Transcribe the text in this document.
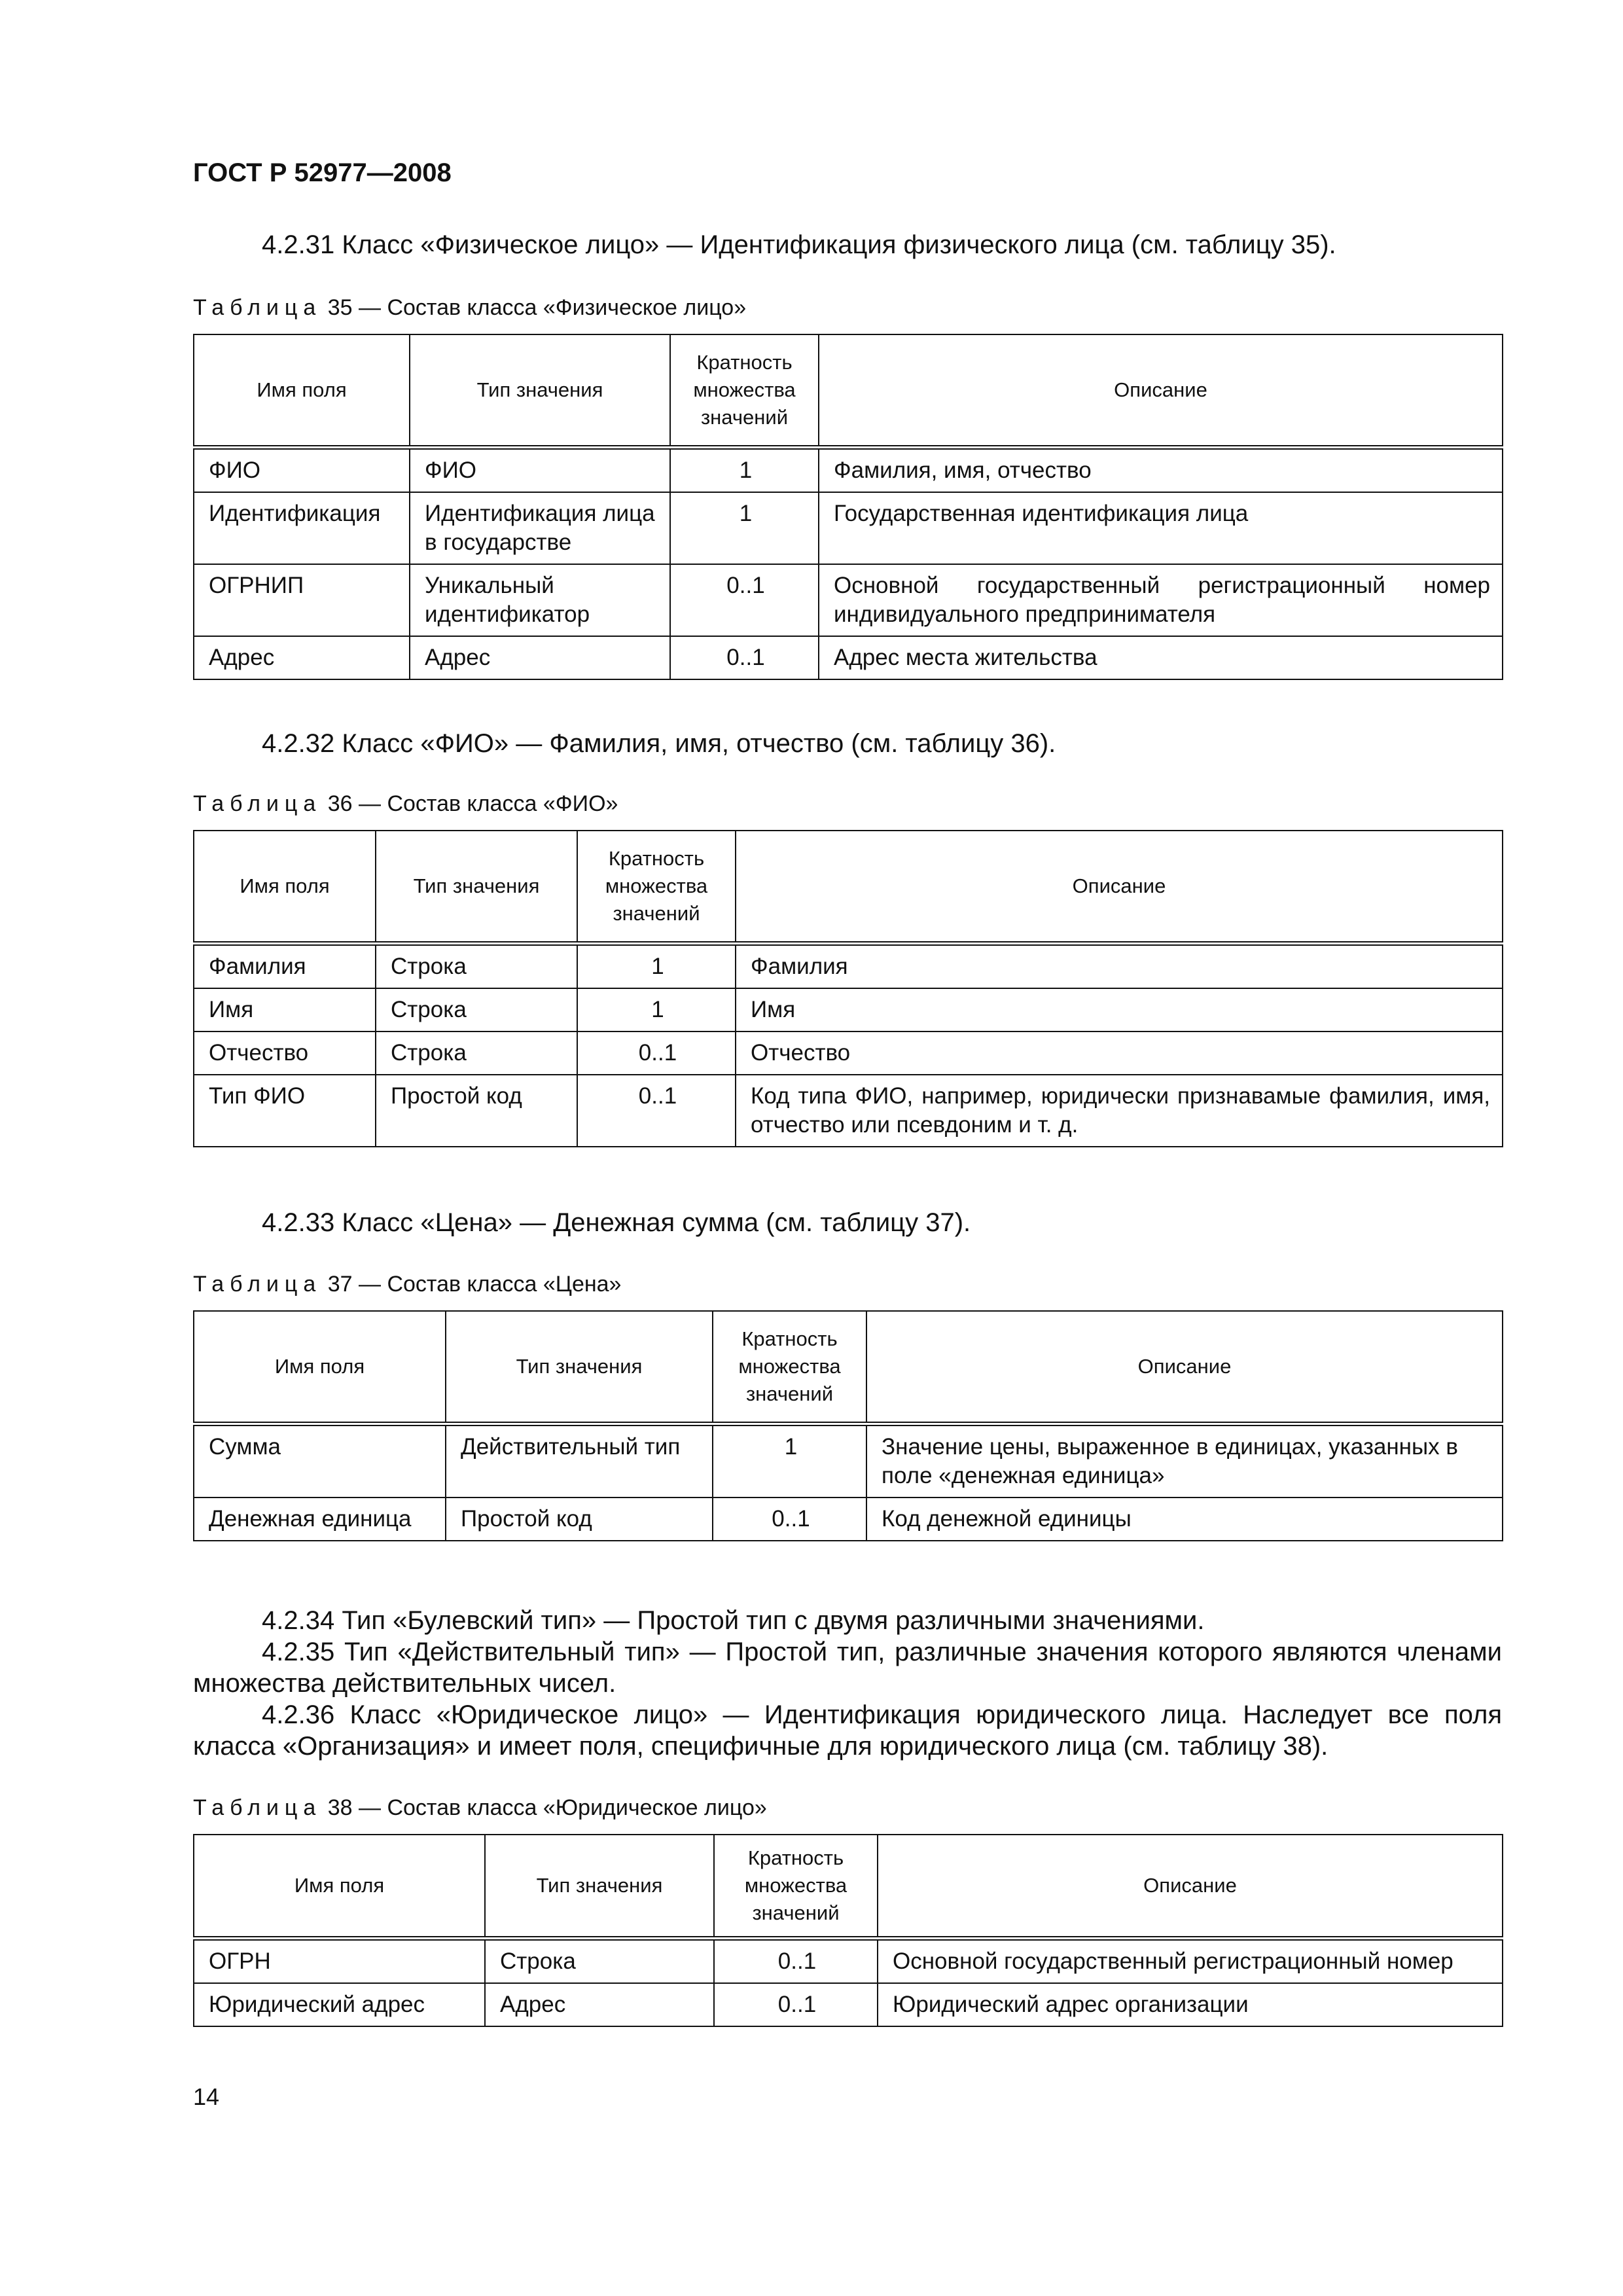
ГОСТ Р 52977—2008

4.2.31 Класс «Физическое лицо» — Идентификация физического лица (см. таблицу 35).

Таблица 35 — Состав класса «Физическое лицо»

Имя поля	Тип значения	Кратность множества значений	Описание
ФИО	ФИО	1	Фамилия, имя, отчество
Идентификация	Идентификация лица в государстве	1	Государственная идентификация лица
ОГРНИП	Уникальный идентификатор	0..1	Основной государственный регистрационный номер индивидуального предпринимателя
Адрес	Адрес	0..1	Адрес места жительства

4.2.32 Класс «ФИО» — Фамилия, имя, отчество (см. таблицу 36).

Таблица 36 — Состав класса «ФИО»

Имя поля	Тип значения	Кратность множества значений	Описание
Фамилия	Строка	1	Фамилия
Имя	Строка	1	Имя
Отчество	Строка	0..1	Отчество
Тип ФИО	Простой код	0..1	Код типа ФИО, например, юридически признавамые фамилия, имя, отчество или псевдоним и т. д.

4.2.33 Класс «Цена» — Денежная сумма (см. таблицу 37).

Таблица 37 — Состав класса «Цена»

Имя поля	Тип значения	Кратность множества значений	Описание
Сумма	Действительный тип	1	Значение цены, выраженное в единицах, указанных в поле «денежная единица»
Денежная единица	Простой код	0..1	Код денежной единицы

4.2.34 Тип «Булевский тип» — Простой тип с двумя различными значениями.

4.2.35 Тип «Действительный тип» — Простой тип, различные значения которого являются членами множества действительных чисел.

4.2.36 Класс «Юридическое лицо» — Идентификация юридического лица. Наследует все поля класса «Организация» и имеет поля, специфичные для юридического лица (см. таблицу 38).

Таблица 38 — Состав класса «Юридическое лицо»

Имя поля	Тип значения	Кратность множества значений	Описание
ОГРН	Строка	0..1	Основной государственный регистрационный номер
Юридический адрес	Адрес	0..1	Юридический адрес организации
14
